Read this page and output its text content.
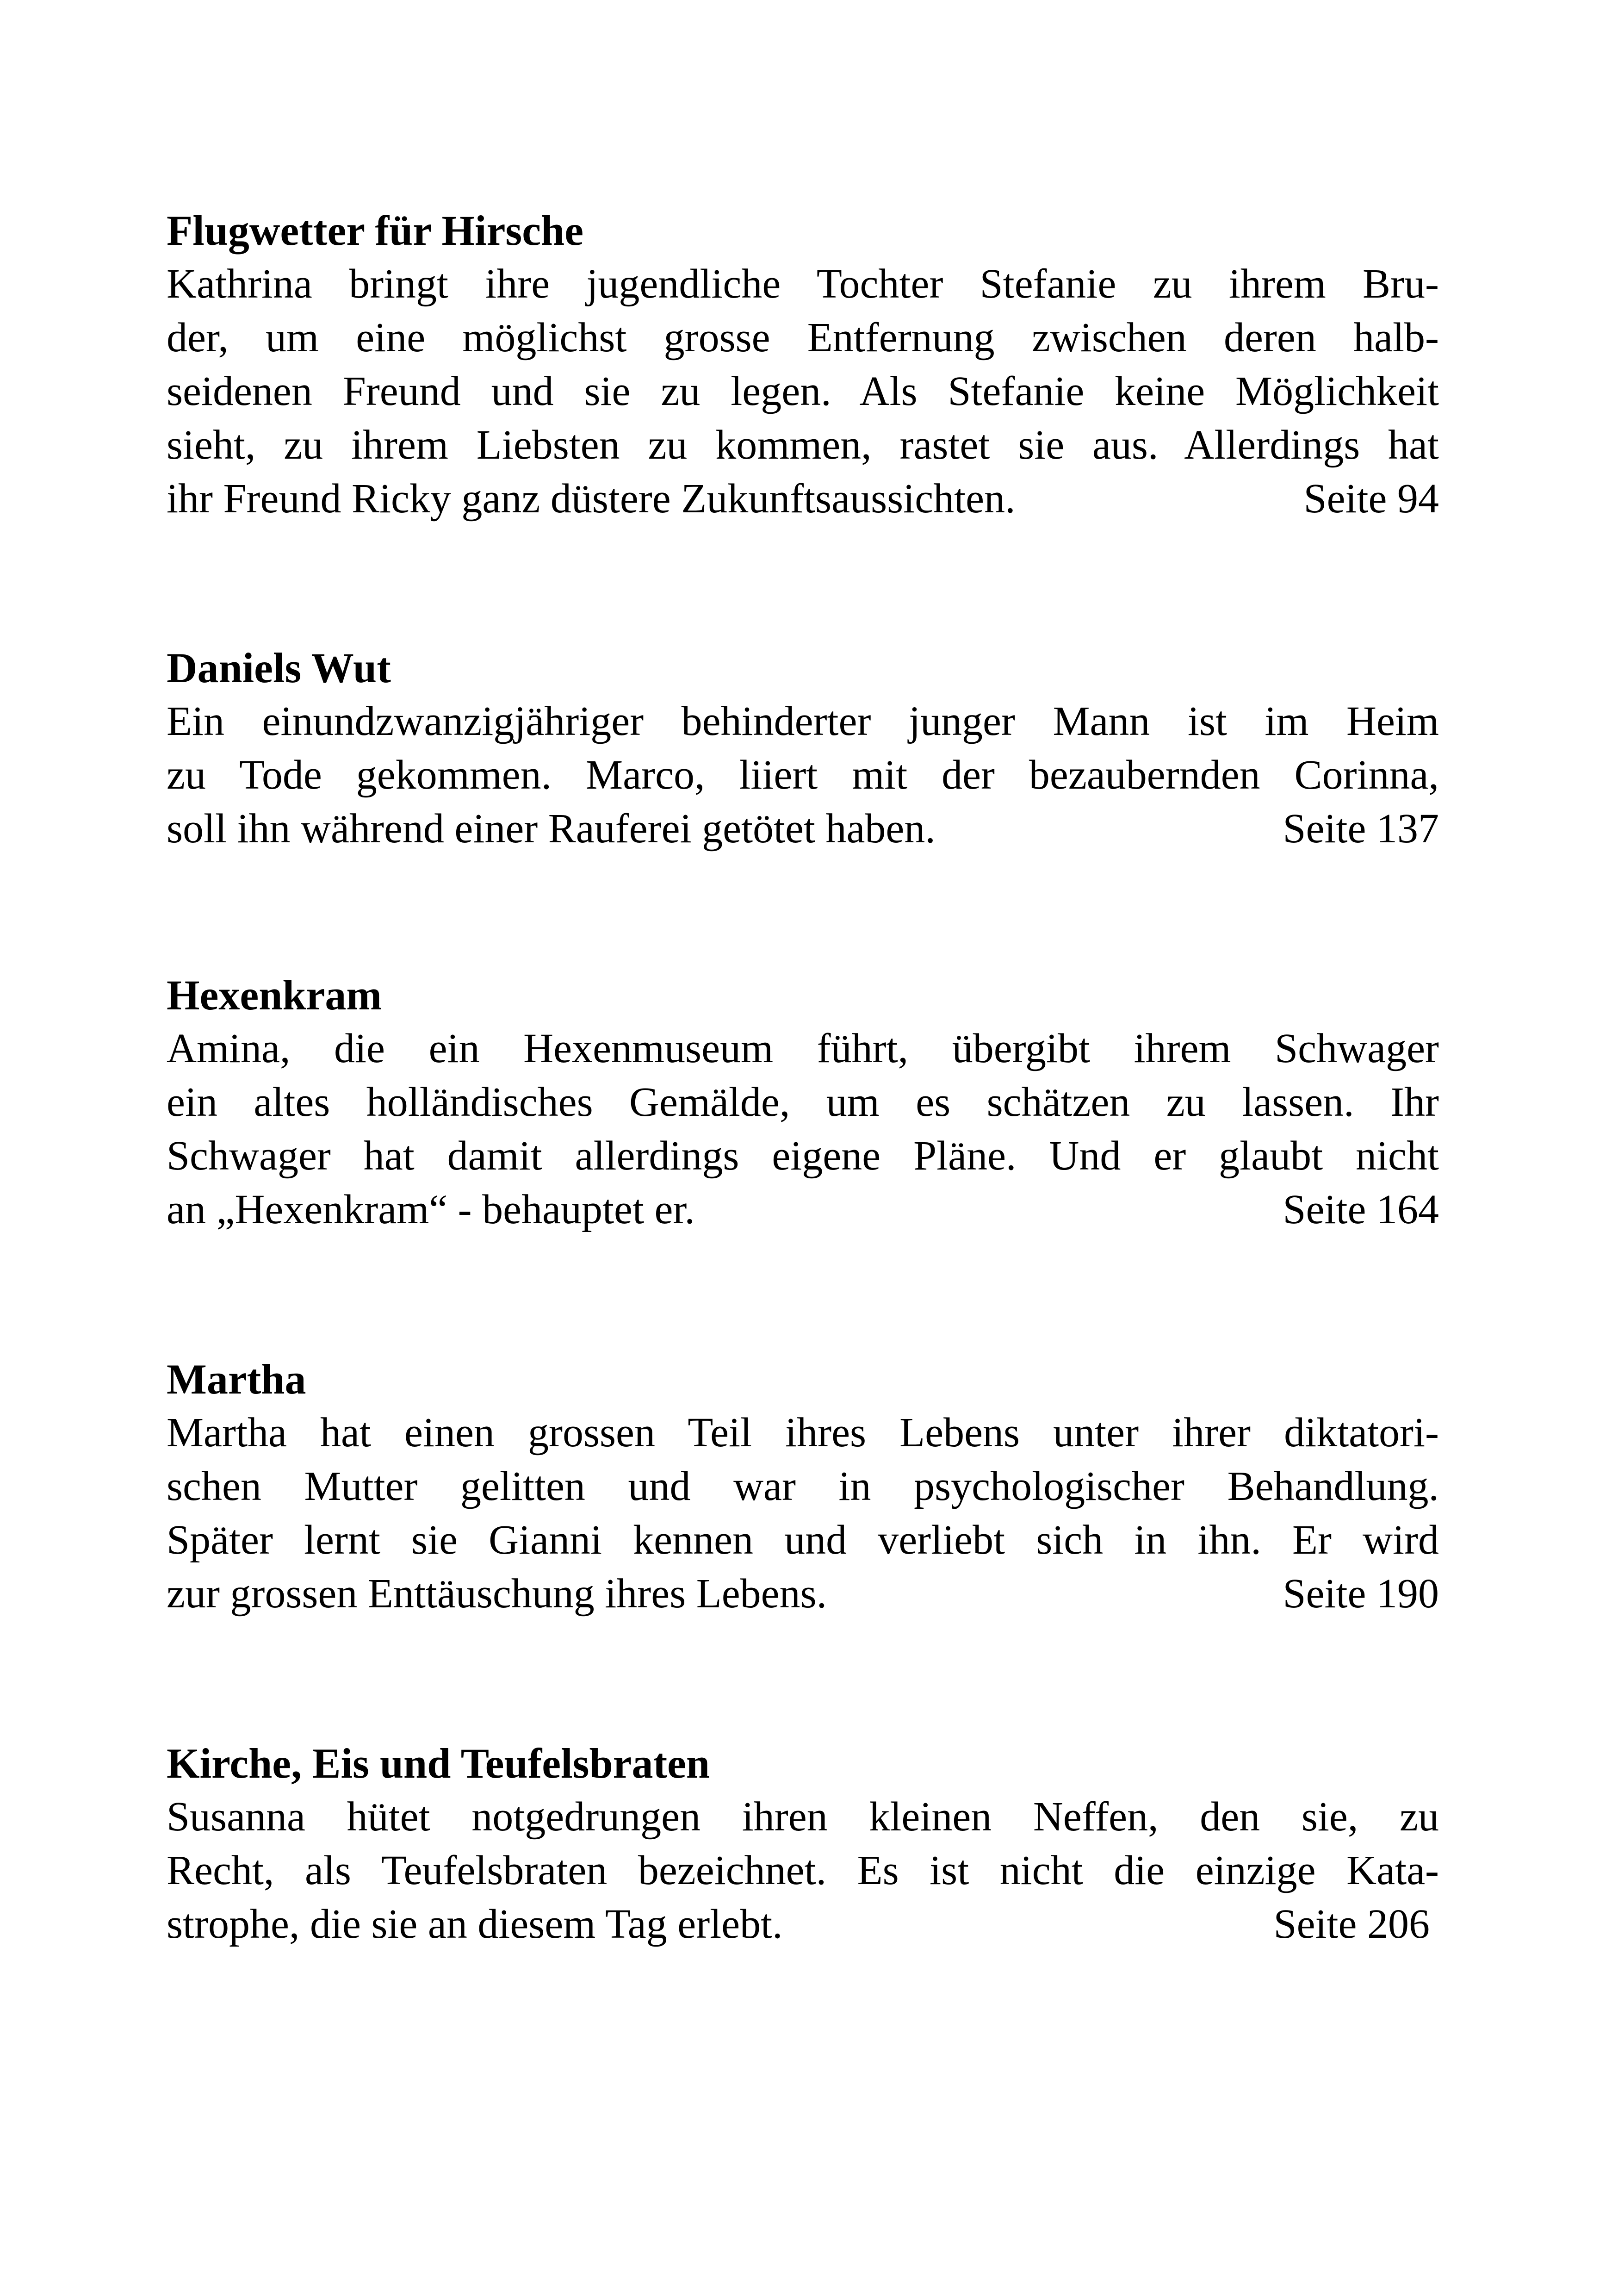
Flugwetter für Hirsche
Kathrina bringt ihre jugendliche Tochter Stefanie zu ihrem Bru-
der, um eine möglichst grosse Entfernung zwischen deren halb-
seidenen Freund und sie zu legen. Als Stefanie keine Möglichkeit
sieht, zu ihrem Liebsten zu kommen, rastet sie aus. Allerdings hat
ihr Freund Ricky ganz düstere Zukunftsaussichten.	Seite 94
Daniels Wut
Ein einundzwanzigjähriger behinderter junger Mann ist im Heim
zu Tode gekommen. Marco, liiert mit der bezaubernden Corinna,
soll ihn während einer Rauferei getötet haben.	Seite 137
Hexenkram
Amina, die ein Hexenmuseum führt, übergibt ihrem Schwager
ein altes holländisches Gemälde, um es schätzen zu lassen. Ihr
Schwager hat damit allerdings eigene Pläne. Und er glaubt nicht
an „Hexenkram“ - behauptet er.	Seite 164
Martha
Martha hat einen grossen Teil ihres Lebens unter ihrer diktatori-
schen Mutter gelitten und war in psychologischer Behandlung.
Später lernt sie Gianni kennen und verliebt sich in ihn. Er wird
zur grossen Enttäuschung ihres Lebens.	Seite 190
Kirche, Eis und Teufelsbraten
Susanna hütet notgedrungen ihren kleinen Neffen, den sie, zu
Recht, als Teufelsbraten bezeichnet. Es ist nicht die einzige Kata-
strophe, die sie an diesem Tag erlebt.	Seite 206
